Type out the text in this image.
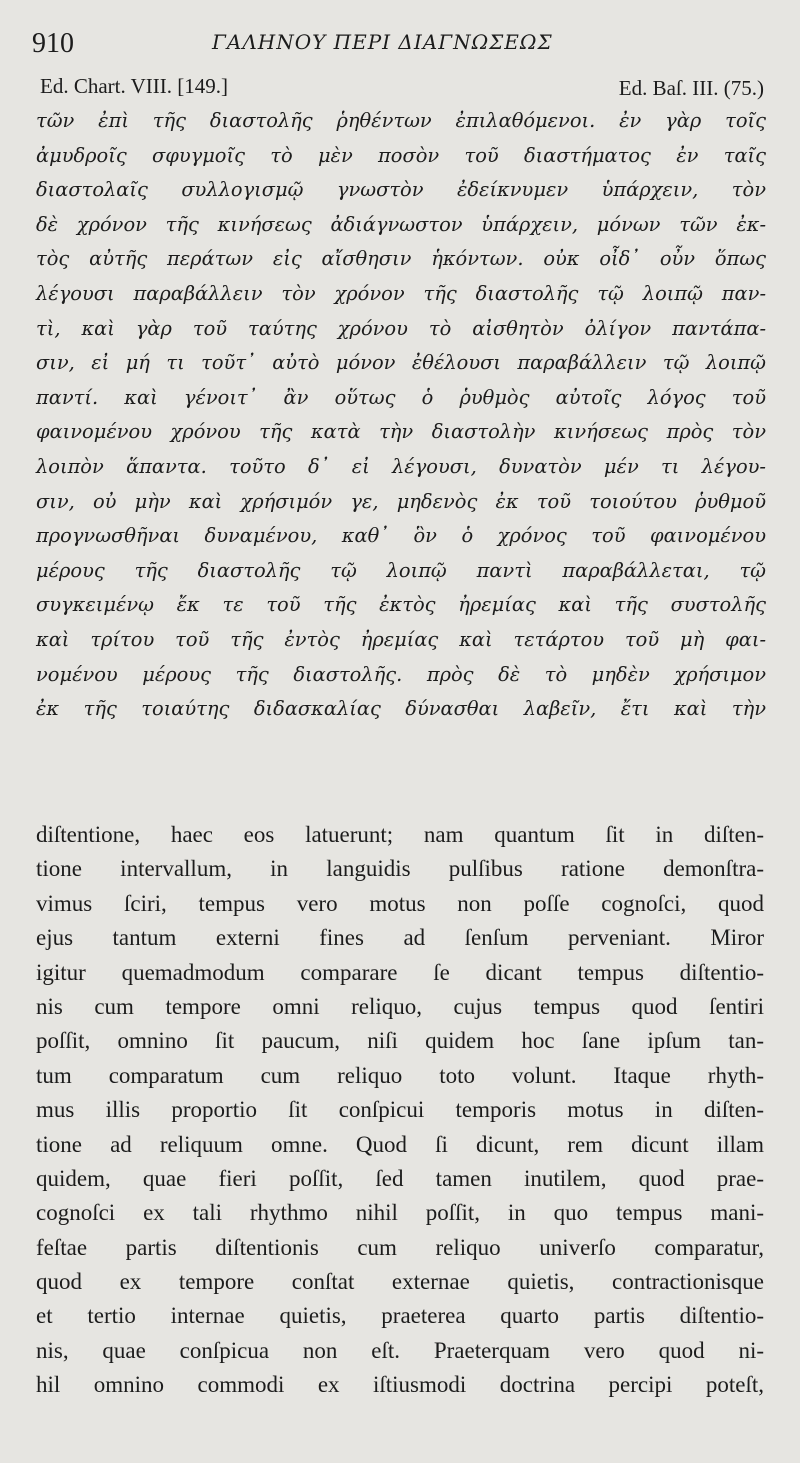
910	ΓΑΛΗΝΟΥ ΠΕΡΙ ΔΙΑΓΝΩΣΕΩΣ
Ed. Chart. VIII. [149.]	Ed. Baſ. III. (75.)
τῶν ἐπὶ τῆς διαστολῆς ῥηθέντων ἐπιλαθόμενοι. ἐν γὰρ τοῖς
ἀμυδροῖς σφυγμοῖς τὸ μὲν ποσὸν τοῦ διαστήματος ἐν ταῖς
διαστολαῖς συλλογισμῷ γνωστὸν ἐδείκνυμεν ὑπάρχειν, τὸν
δὲ χρόνον τῆς κινήσεως ἀδιάγνωστον ὑπάρχειν, μόνων τῶν ἐκ-
τὸς αὐτῆς περάτων εἰς αἴσθησιν ἡκόντων. οὐκ οἶδ᾽ οὖν ὅπως
λέγουσι παραβάλλειν τὸν χρόνον τῆς διαστολῆς τῷ λοιπῷ παν-
τὶ, καὶ γὰρ τοῦ ταύτης χρόνου τὸ αἰσθητὸν ὀλίγον παντάπα-
σιν, εἰ μή τι τοῦτ᾽ αὐτὸ μόνον ἐθέλουσι παραβάλλειν τῷ λοιπῷ
παντί. καὶ γένοιτ᾽ ἂν οὕτως ὁ ῥυθμὸς αὐτοῖς λόγος τοῦ
φαινομένου χρόνου τῆς κατὰ τὴν διαστολὴν κινήσεως πρὸς τὸν
λοιπὸν ἅπαντα. τοῦτο δ᾽ εἰ λέγουσι, δυνατὸν μέν τι λέγου-
σιν, οὐ μὴν καὶ χρήσιμόν γε, μηδενὸς ἐκ τοῦ τοιούτου ῥυθμοῦ
προγνωσθῆναι δυναμένου, καθ᾽ ὃν ὁ χρόνος τοῦ φαινομένου
μέρους τῆς διαστολῆς τῷ λοιπῷ παντὶ παραβάλλεται, τῷ
συγκειμένῳ ἔκ τε τοῦ τῆς ἐκτὸς ἠρεμίας καὶ τῆς συστολῆς
καὶ τρίτου τοῦ τῆς ἐντὸς ἠρεμίας καὶ τετάρτου τοῦ μὴ φαι-
νομένου μέρους τῆς διαστολῆς. πρὸς δὲ τὸ μηδὲν χρήσιμον
ἐκ τῆς τοιαύτης διδασκαλίας δύνασθαι λαβεῖν, ἔτι καὶ τὴν
diſtentione, haec eos latuerunt; nam quantum ſit in diſten-
tione intervallum, in languidis pulſibus ratione demonſtra-
vimus ſciri, tempus vero motus non poſſe cognoſci, quod
ejus tantum externi fines ad ſenſum perveniant. Miror
igitur quemadmodum comparare ſe dicant tempus diſtentio-
nis cum tempore omni reliquo, cujus tempus quod ſentiri
poſſit, omnino ſit paucum, niſi quidem hoc ſane ipſum tan-
tum comparatum cum reliquo toto volunt. Itaque rhyth-
mus illis proportio ſit conſpicui temporis motus in diſten-
tione ad reliquum omne. Quod ſi dicunt, rem dicunt illam
quidem, quae fieri poſſit, ſed tamen inutilem, quod prae-
cognoſci ex tali rhythmo nihil poſſit, in quo tempus mani-
feſtae partis diſtentionis cum reliquo univerſo comparatur,
quod ex tempore conſtat externae quietis, contractionisque
et tertio internae quietis, praeterea quarto partis diſtentio-
nis, quae conſpicua non eſt. Praeterquam vero quod ni-
hil omnino commodi ex iſtiusmodi doctrina percipi poteſt,
